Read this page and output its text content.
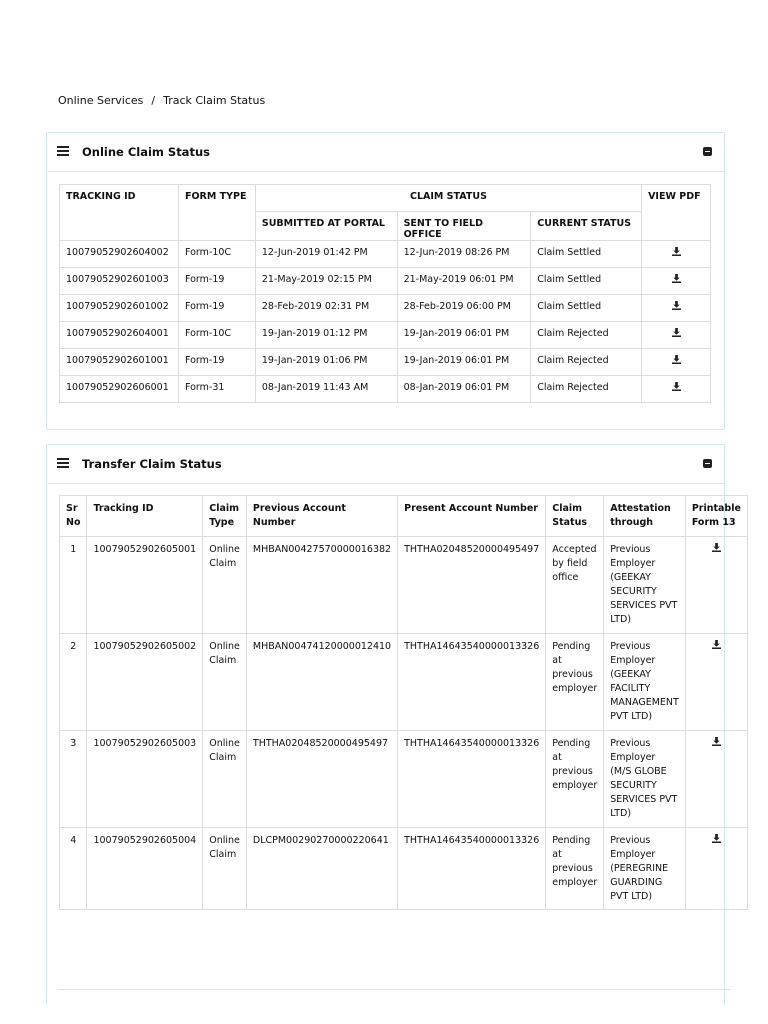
Online Services / Track Claim Status
Online Claim Status
TRACKING ID	FORM TYPE	CLAIM STATUS			VIEW PDF
		SUBMITTED AT PORTAL	SENT TO FIELD OFFICE	CURRENT STATUS	
10079052902604002	Form-10C	12-Jun-2019 01:42 PM	12-Jun-2019 08:26 PM	Claim Settled	

10079052902601003	Form-19	21-May-2019 02:15 PM	21-May-2019 06:01 PM	Claim Settled	

10079052902601002	Form-19	28-Feb-2019 02:31 PM	28-Feb-2019 06:00 PM	Claim Settled	

10079052902604001	Form-10C	19-Jan-2019 01:12 PM	19-Jan-2019 06:01 PM	Claim Rejected	

10079052902601001	Form-19	19-Jan-2019 01:06 PM	19-Jan-2019 06:01 PM	Claim Rejected	

10079052902606001	Form-31	08-Jan-2019 11:43 AM	08-Jan-2019 06:01 PM	Claim Rejected	
Transfer Claim Status
Sr No	Tracking ID	Claim Type	Previous Account Number	Present Account Number	Claim Status	Attestation through	Printable Form 13
1	10079052902605001	Online Claim	MHBAN00427570000016382	THTHA02048520000495497	Accepted by field office	Previous Employer (GEEKAY SECURITY SERVICES PVT LTD)	

2	10079052902605002	Online Claim	MHBAN00474120000012410	THTHA14643540000013326	Pending at previous employer	Previous Employer (GEEKAY FACILITY MANAGEMENT PVT LTD)	

3	10079052902605003	Online Claim	THTHA02048520000495497	THTHA14643540000013326	Pending at previous employer	Previous Employer (M/S GLOBE SECURITY SERVICES PVT LTD)	

4	10079052902605004	Online Claim	DLCPM00290270000220641	THTHA14643540000013326	Pending at previous employer	Previous Employer (PEREGRINE GUARDING PVT LTD)	
